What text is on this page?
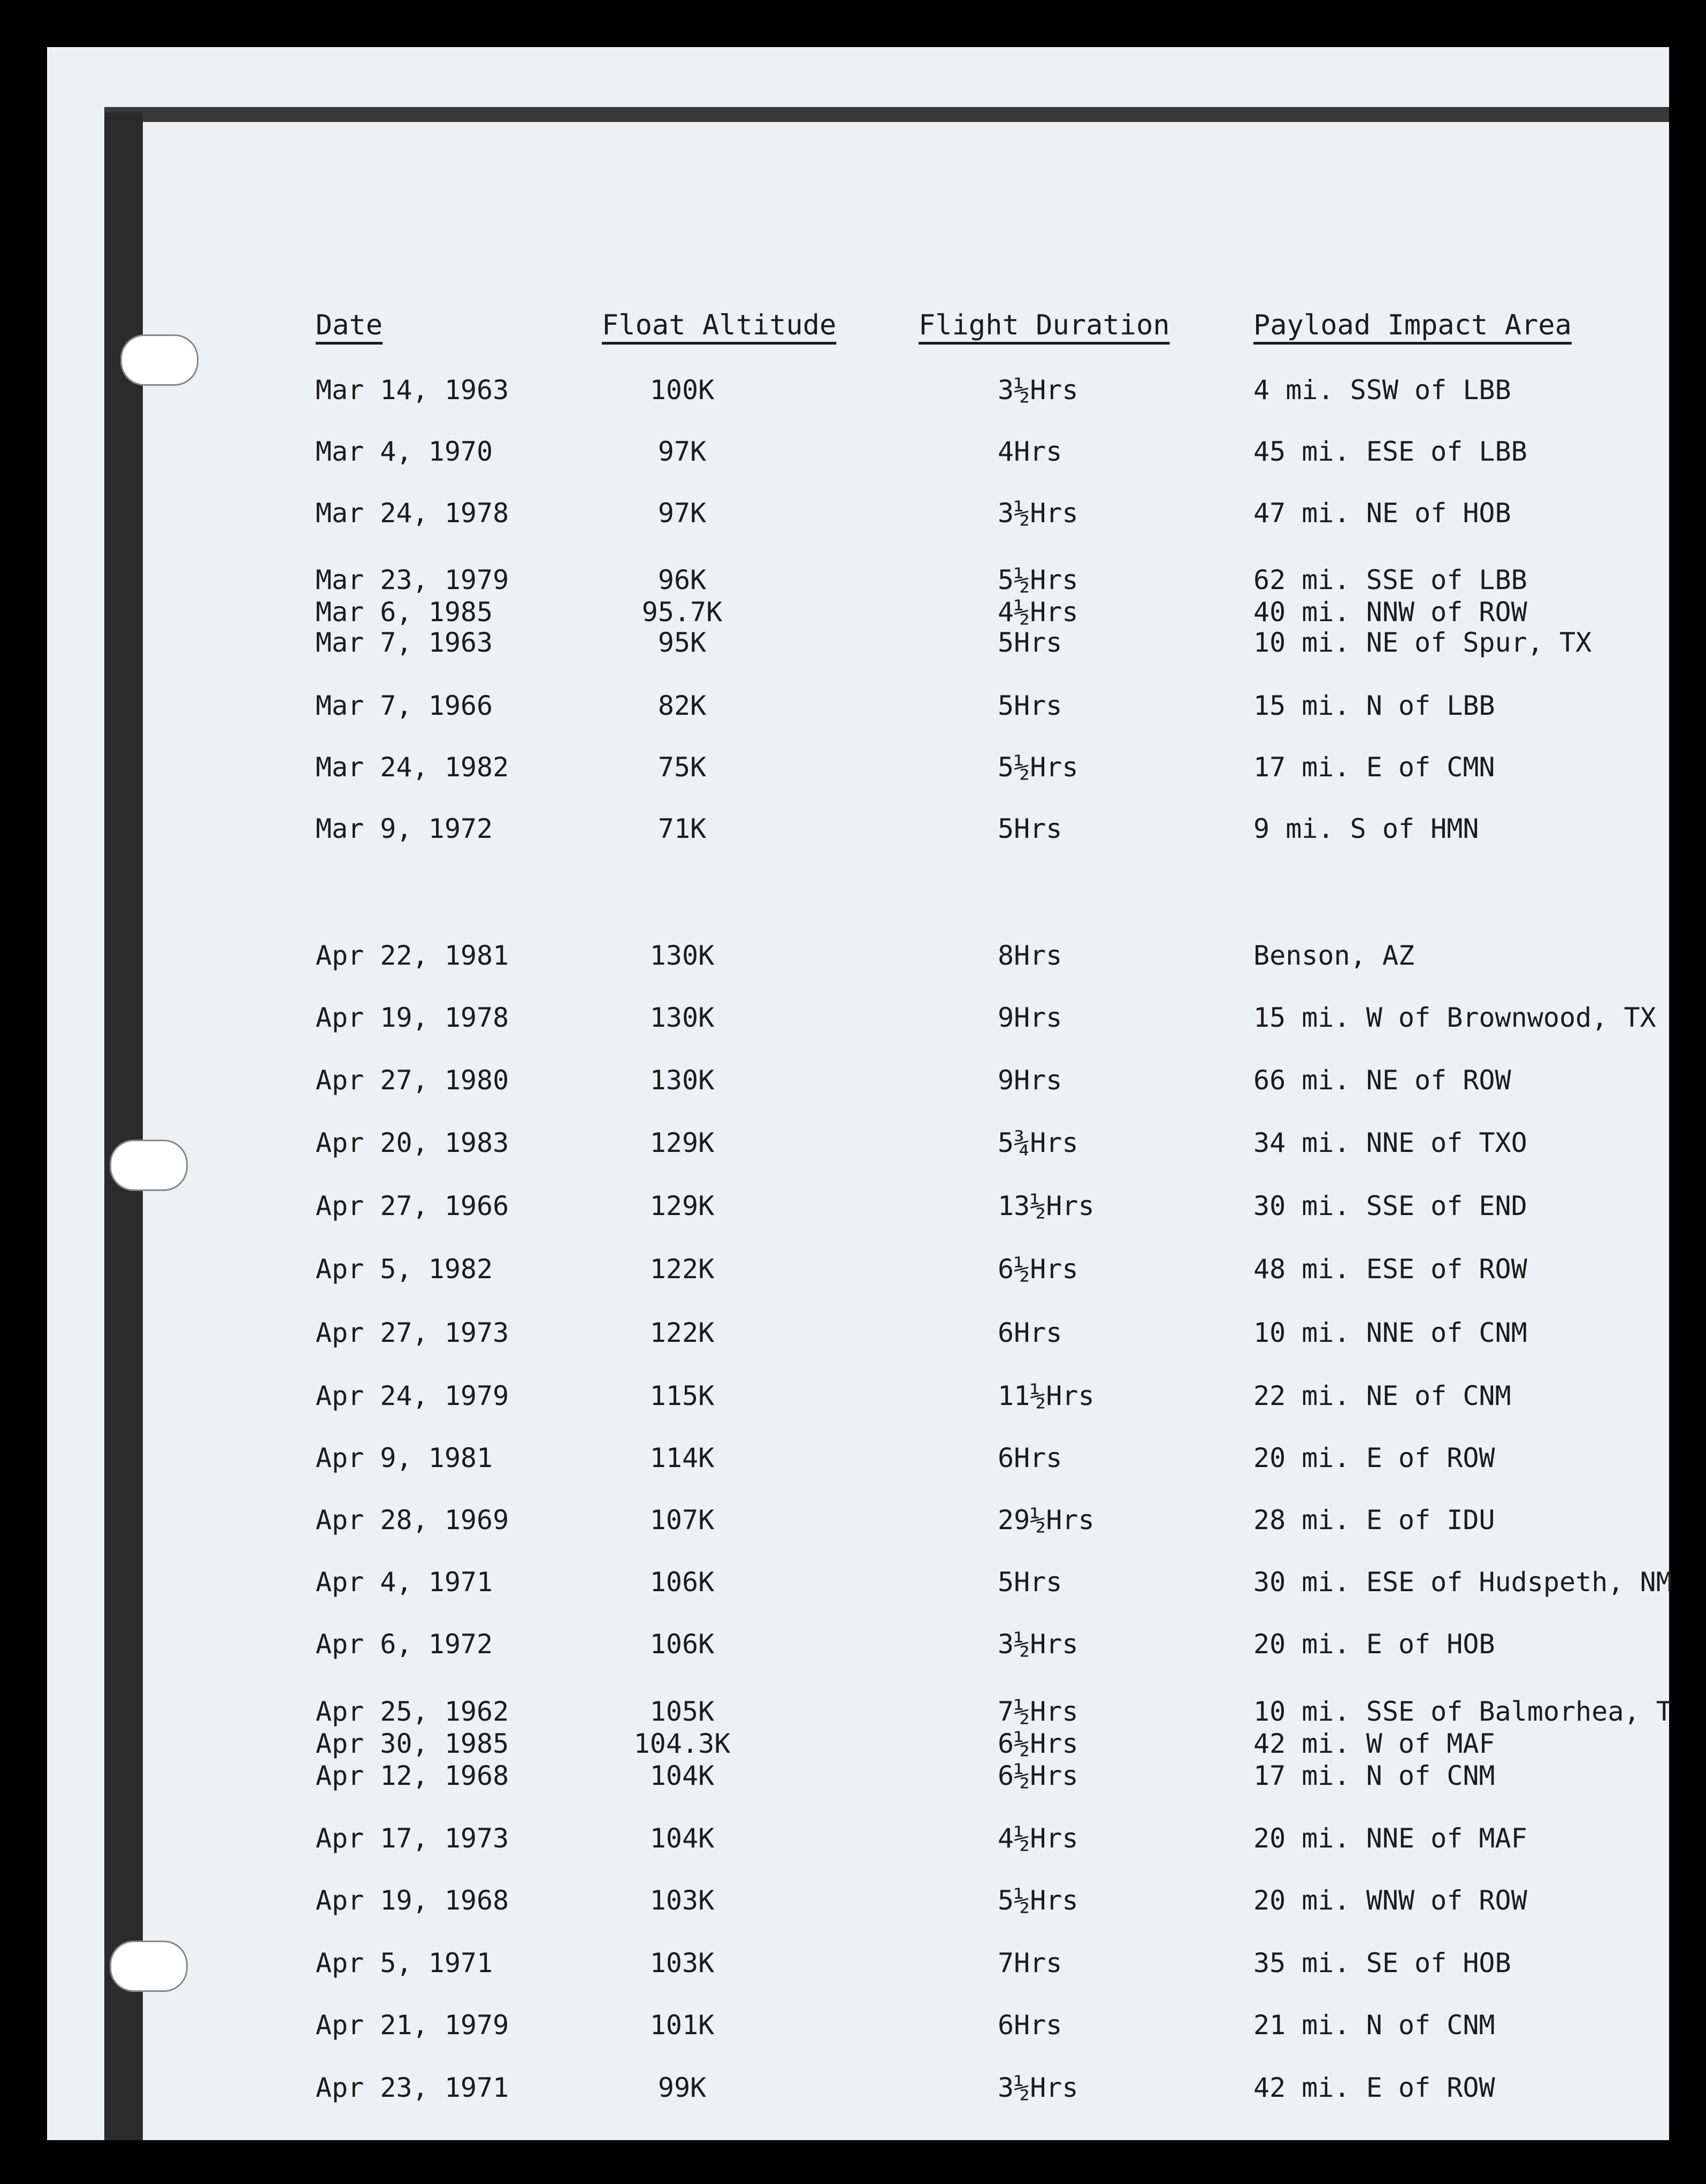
Date	Float Altitude	Flight Duration	Payload Impact Area
Mar 14, 1963	100K	3½Hrs	4 mi. SSW of LBB
Mar 4, 1970	97K	4Hrs	45 mi. ESE of LBB
Mar 24, 1978	97K	3½Hrs	47 mi. NE of HOB
Mar 23, 1979	96K	5½Hrs	62 mi. SSE of LBB
Mar 6, 1985	95.7K	4½Hrs	40 mi. NNW of ROW
Mar 7, 1963	95K	5Hrs	10 mi. NE of Spur, TX
Mar 7, 1966	82K	5Hrs	15 mi. N of LBB
Mar 24, 1982	75K	5½Hrs	17 mi. E of CMN
Mar 9, 1972	71K	5Hrs	9 mi. S of HMN
Apr 22, 1981	130K	8Hrs	Benson, AZ
Apr 19, 1978	130K	9Hrs	15 mi. W of Brownwood, TX
Apr 27, 1980	130K	9Hrs	66 mi. NE of ROW
Apr 20, 1983	129K	5¾Hrs	34 mi. NNE of TXO
Apr 27, 1966	129K	13½Hrs	30 mi. SSE of END
Apr 5, 1982	122K	6½Hrs	48 mi. ESE of ROW
Apr 27, 1973	122K	6Hrs	10 mi. NNE of CNM
Apr 24, 1979	115K	11½Hrs	22 mi. NE of CNM
Apr 9, 1981	114K	6Hrs	20 mi. E of ROW
Apr 28, 1969	107K	29½Hrs	28 mi. E of IDU
Apr 4, 1971	106K	5Hrs	30 mi. ESE of Hudspeth, NM
Apr 6, 1972	106K	3½Hrs	20 mi. E of HOB
Apr 25, 1962	105K	7½Hrs	10 mi. SSE of Balmorhea, T
Apr 30, 1985	104.3K	6½Hrs	42 mi. W of MAF
Apr 12, 1968	104K	6½Hrs	17 mi. N of CNM
Apr 17, 1973	104K	4½Hrs	20 mi. NNE of MAF
Apr 19, 1968	103K	5½Hrs	20 mi. WNW of ROW
Apr 5, 1971	103K	7Hrs	35 mi. SE of HOB
Apr 21, 1979	101K	6Hrs	21 mi. N of CNM
Apr 23, 1971	99K	3½Hrs	42 mi. E of ROW
